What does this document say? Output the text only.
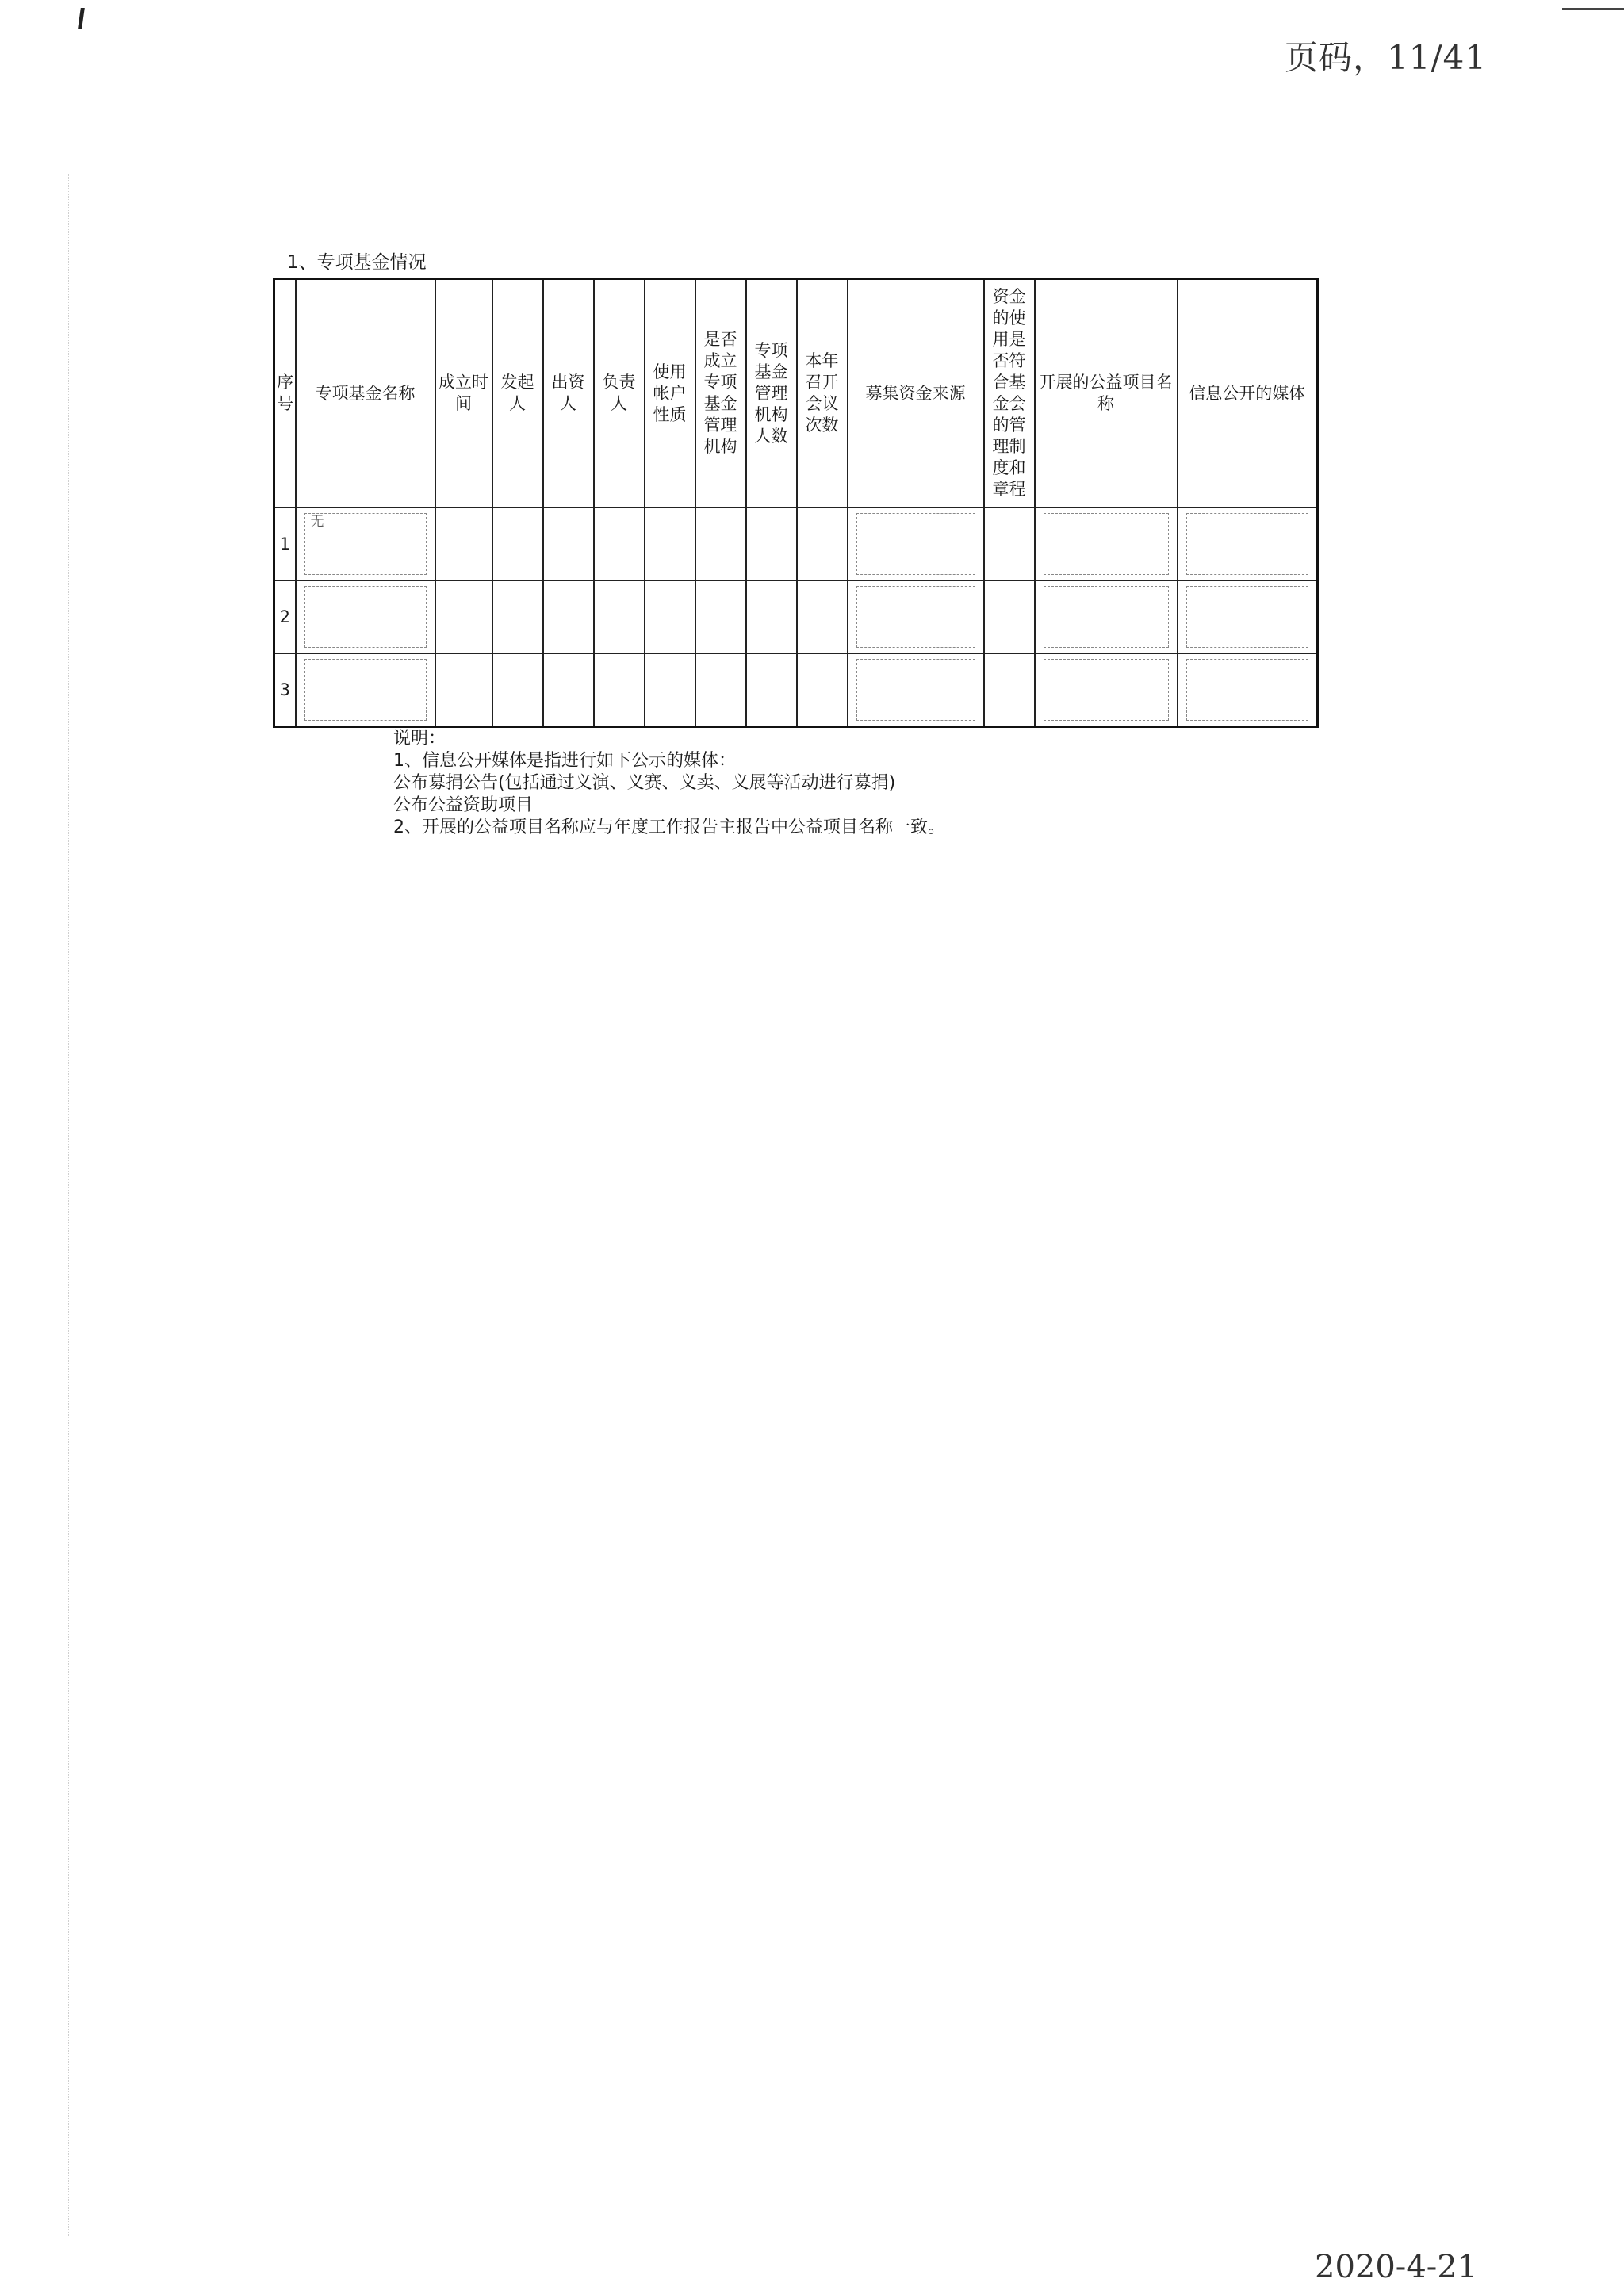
页码，11/41
1、专项基金情况
序号	专项基金名称	成立时间	发起人	出资人	负责人	使用帐户性质	是否成立专项基金管理机构	专项基金管理机构人数	本年召开会议次数	募集资金来源	资金的使用是否符合基金会的管理制度和章程	开展的公益项目名称	信息公开的媒体
1	无												

2	

3	

说明：
1、信息公开媒体是指进行如下公示的媒体：
公布募捐公告(包括通过义演、义赛、义卖、义展等活动进行募捐)
公布公益资助项目
2、开展的公益项目名称应与年度工作报告主报告中公益项目名称一致。
2020-4-21
